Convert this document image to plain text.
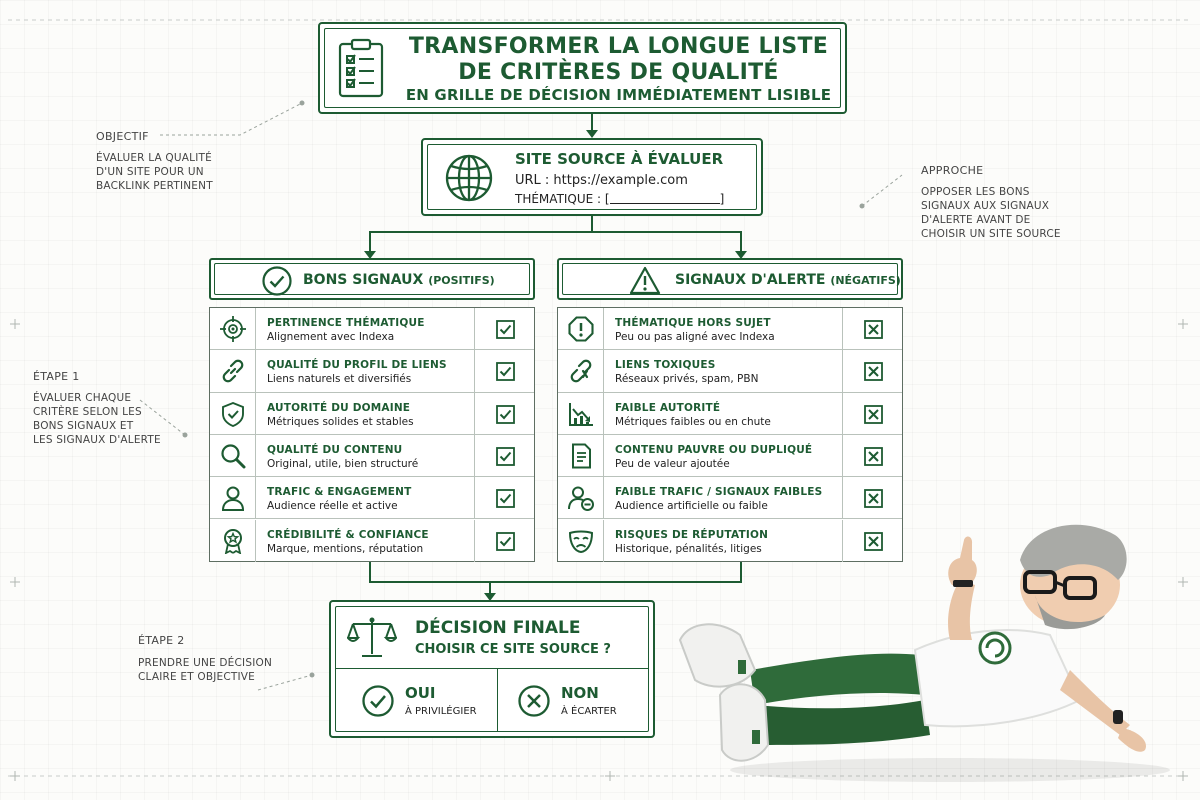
TRANSFORMER LA LONGUE LISTE
DE CRITÈRES DE QUALITÉ
EN GRILLE DE DÉCISION IMMÉDIATEMENT LISIBLE
OBJECTIF
ÉVALUER LA QUALITÉ
D'UN SITE POUR UN
BACKLINK PERTINENT
APPROCHE
OPPOSER LES BONS
SIGNAUX AUX SIGNAUX
D'ALERTE AVANT DE
CHOISIR UN SITE SOURCE
ÉTAPE 1
ÉVALUER CHAQUE
CRITÈRE SELON LES
BONS SIGNAUX ET
LES SIGNAUX D'ALERTE
ÉTAPE 2
PRENDRE UNE DÉCISION
CLAIRE ET OBJECTIVE
SITE SOURCE À ÉVALUER
URL : https://example.com
THÉMATIQUE : [	]
BONS SIGNAUX (POSITIFS)	SIGNAUX D'ALERTE (NÉGATIFS)
PERTINENCE THÉMATIQUE
Alignement avec Indexa
QUALITÉ DU PROFIL DE LIENS
Liens naturels et diversifiés
AUTORITÉ DU DOMAINE
Métriques solides et stables
QUALITÉ DU CONTENU
Original, utile, bien structuré
TRAFIC & ENGAGEMENT
Audience réelle et active
CRÉDIBILITÉ & CONFIANCE
Marque, mentions, réputation
THÉMATIQUE HORS SUJET
Peu ou pas aligné avec Indexa
LIENS TOXIQUES
Réseaux privés, spam, PBN
FAIBLE AUTORITÉ
Métriques faibles ou en chute
CONTENU PAUVRE OU DUPLIQUÉ
Peu de valeur ajoutée
FAIBLE TRAFIC / SIGNAUX FAIBLES
Audience artificielle ou faible
RISQUES DE RÉPUTATION
Historique, pénalités, litiges
DÉCISION FINALE
CHOISIR CE SITE SOURCE ?
OUI
À PRIVILÉGIER
NON
À ÉCARTER
